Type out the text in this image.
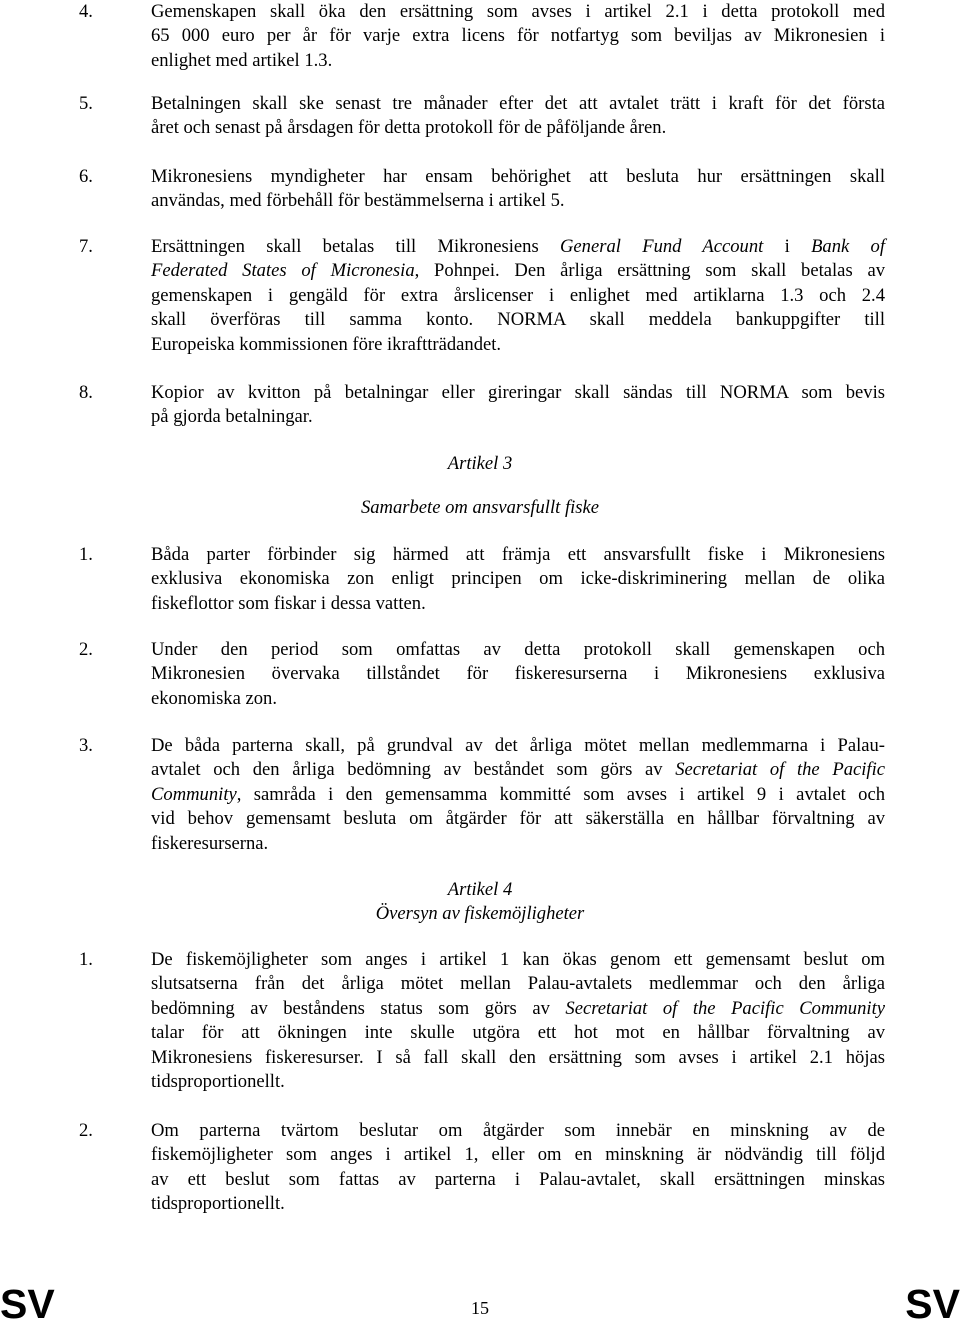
4.	Gemenskapen skall öka den ersättning som avses i artikel 2.1 i detta protokoll med
65 000 euro per år för varje extra licens för notfartyg som beviljas av Mikronesien i
enlighet med artikel 1.3.
5.	Betalningen skall ske senast tre månader efter det att avtalet trätt i kraft för det första
året och senast på årsdagen för detta protokoll för de påföljande åren.
6.	Mikronesiens myndigheter har ensam behörighet att besluta hur ersättningen skall
användas, med förbehåll för bestämmelserna i artikel 5.
7.	Ersättningen skall betalas till Mikronesiens General Fund Account i Bank of
Federated States of Micronesia, Pohnpei. Den årliga ersättning som skall betalas av
gemenskapen i gengäld för extra årslicenser i enlighet med artiklarna 1.3 och 2.4
skall överföras till samma konto. NORMA skall meddela bankuppgifter till
Europeiska kommissionen före ikraftträdandet.
8.	Kopior av kvitton på betalningar eller gireringar skall sändas till NORMA som bevis
på gjorda betalningar.
Artikel 3
Samarbete om ansvarsfullt fiske
1.	Båda parter förbinder sig härmed att främja ett ansvarsfullt fiske i Mikronesiens
exklusiva ekonomiska zon enligt principen om icke-diskriminering mellan de olika
fiskeflottor som fiskar i dessa vatten.
2.	Under den period som omfattas av detta protokoll skall gemenskapen och
Mikronesien övervaka tillståndet för fiskeresurserna i Mikronesiens exklusiva
ekonomiska zon.
3.	De båda parterna skall, på grundval av det årliga mötet mellan medlemmarna i Palau-
avtalet och den årliga bedömning av beståndet som görs av Secretariat of the Pacific
Community, samråda i den gemensamma kommitté som avses i artikel 9 i avtalet och
vid behov gemensamt besluta om åtgärder för att säkerställa en hållbar förvaltning av
fiskeresurserna.
Artikel 4
Översyn av fiskemöjligheter
1.	De fiskemöjligheter som anges i artikel 1 kan ökas genom ett gemensamt beslut om
slutsatserna från det årliga mötet mellan Palau-avtalets medlemmar och den årliga
bedömning av beståndens status som görs av Secretariat of the Pacific Community
talar för att ökningen inte skulle utgöra ett hot mot en hållbar förvaltning av
Mikronesiens fiskeresurser. I så fall skall den ersättning som avses i artikel 2.1 höjas
tidsproportionellt.
2.	Om parterna tvärtom beslutar om åtgärder som innebär en minskning av de
fiskemöjligheter som anges i artikel 1, eller om en minskning är nödvändig till följd
av ett beslut som fattas av parterna i Palau-avtalet, skall ersättningen minskas
tidsproportionellt.
SV	15	SV
